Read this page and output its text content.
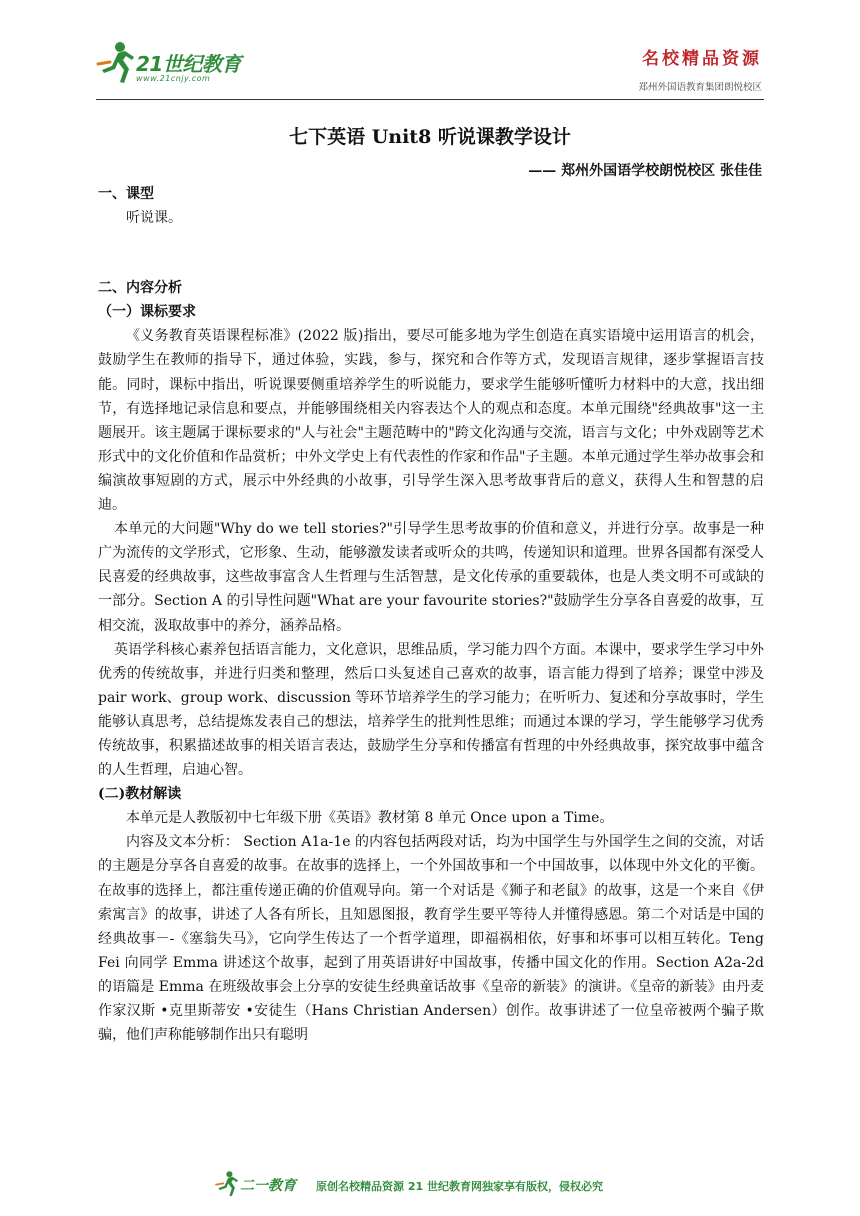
21世纪教育
www.21cnjy.com
名校精品资源
郑州外国语教育集团朗悦校区
七下英语 Unit8 听说课教学设计
—— 郑州外国语学校朗悦校区 张佳佳

一、课型

听说课。

二、内容分析

（一）课标要求

《义务教育英语课程标准》(2022 版)指出，要尽可能多地为学生创造在真实语境中运用语言的机会，鼓励学生在教师的指导下，通过体验，实践，参与，探究和合作等方式，发现语言规律，逐步掌握语言技能。同时，课标中指出，听说课要侧重培养学生的听说能力，要求学生能够听懂听力材料中的大意，找出细节，有选择地记录信息和要点，并能够围绕相关内容表达个人的观点和态度。本单元围绕"经典故事"这一主题展开。该主题属于课标要求的"人与社会"主题范畴中的"跨文化沟通与交流，语言与文化；中外戏剧等艺术形式中的文化价值和作品赏析；中外文学史上有代表性的作家和作品"子主题。本单元通过学生举办故事会和编演故事短剧的方式，展示中外经典的小故事，引导学生深入思考故事背后的意义，获得人生和智慧的启迪。

本单元的大问题"Why do we tell stories?"引导学生思考故事的价值和意义，并进行分享。故事是一种广为流传的文学形式，它形象、生动，能够激发读者或听众的共鸣，传递知识和道理。世界各国都有深受人民喜爱的经典故事，这些故事富含人生哲理与生活智慧，是文化传承的重要载体，也是人类文明不可或缺的一部分。Section A 的引导性问题"What are your favourite stories?"鼓励学生分享各自喜爱的故事，互相交流，汲取故事中的养分，涵养品格。

英语学科核心素养包括语言能力，文化意识，思维品质，学习能力四个方面。本课中，要求学生学习中外优秀的传统故事，并进行归类和整理，然后口头复述自己喜欢的故事，语言能力得到了培养；课堂中涉及 pair work、group work、discussion 等环节培养学生的学习能力；在听听力、复述和分享故事时，学生能够认真思考，总结提炼发表自己的想法，培养学生的批判性思维；而通过本课的学习，学生能够学习优秀传统故事，积累描述故事的相关语言表达，鼓励学生分享和传播富有哲理的中外经典故事，探究故事中蕴含的人生哲理，启迪心智。

(二)教材解读

本单元是人教版初中七年级下册《英语》教材第 8 单元 Once upon a Time。

内容及文本分析： Section A1a-1e 的内容包括两段对话，均为中国学生与外国学生之间的交流，对话的主题是分享各自喜爱的故事。在故事的选择上，一个外国故事和一个中国故事，以体现中外文化的平衡。在故事的选择上，都注重传递正确的价值观导向。第一个对话是《狮子和老鼠》的故事，这是一个来自《伊索寓言》的故事，讲述了人各有所长，且知恩图报，教育学生要平等待人并懂得感恩。第二个对话是中国的经典故事－-《塞翁失马》，它向学生传达了一个哲学道理，即福祸相依，好事和坏事可以相互转化。Teng Fei 向同学 Emma 讲述这个故事，起到了用英语讲好中国故事，传播中国文化的作用。Section A2a-2d 的语篇是 Emma 在班级故事会上分享的安徒生经典童话故事《皇帝的新装》的演讲。《皇帝的新装》由丹麦作家汉斯 •克里斯蒂安 •安徒生（Hans Christian Andersen）创作。故事讲述了一位皇帝被两个骗子欺骗，他们声称能够制作出只有聪明

二一教育 原创名校精品资源 21 世纪教育网独家享有版权，侵权必究
